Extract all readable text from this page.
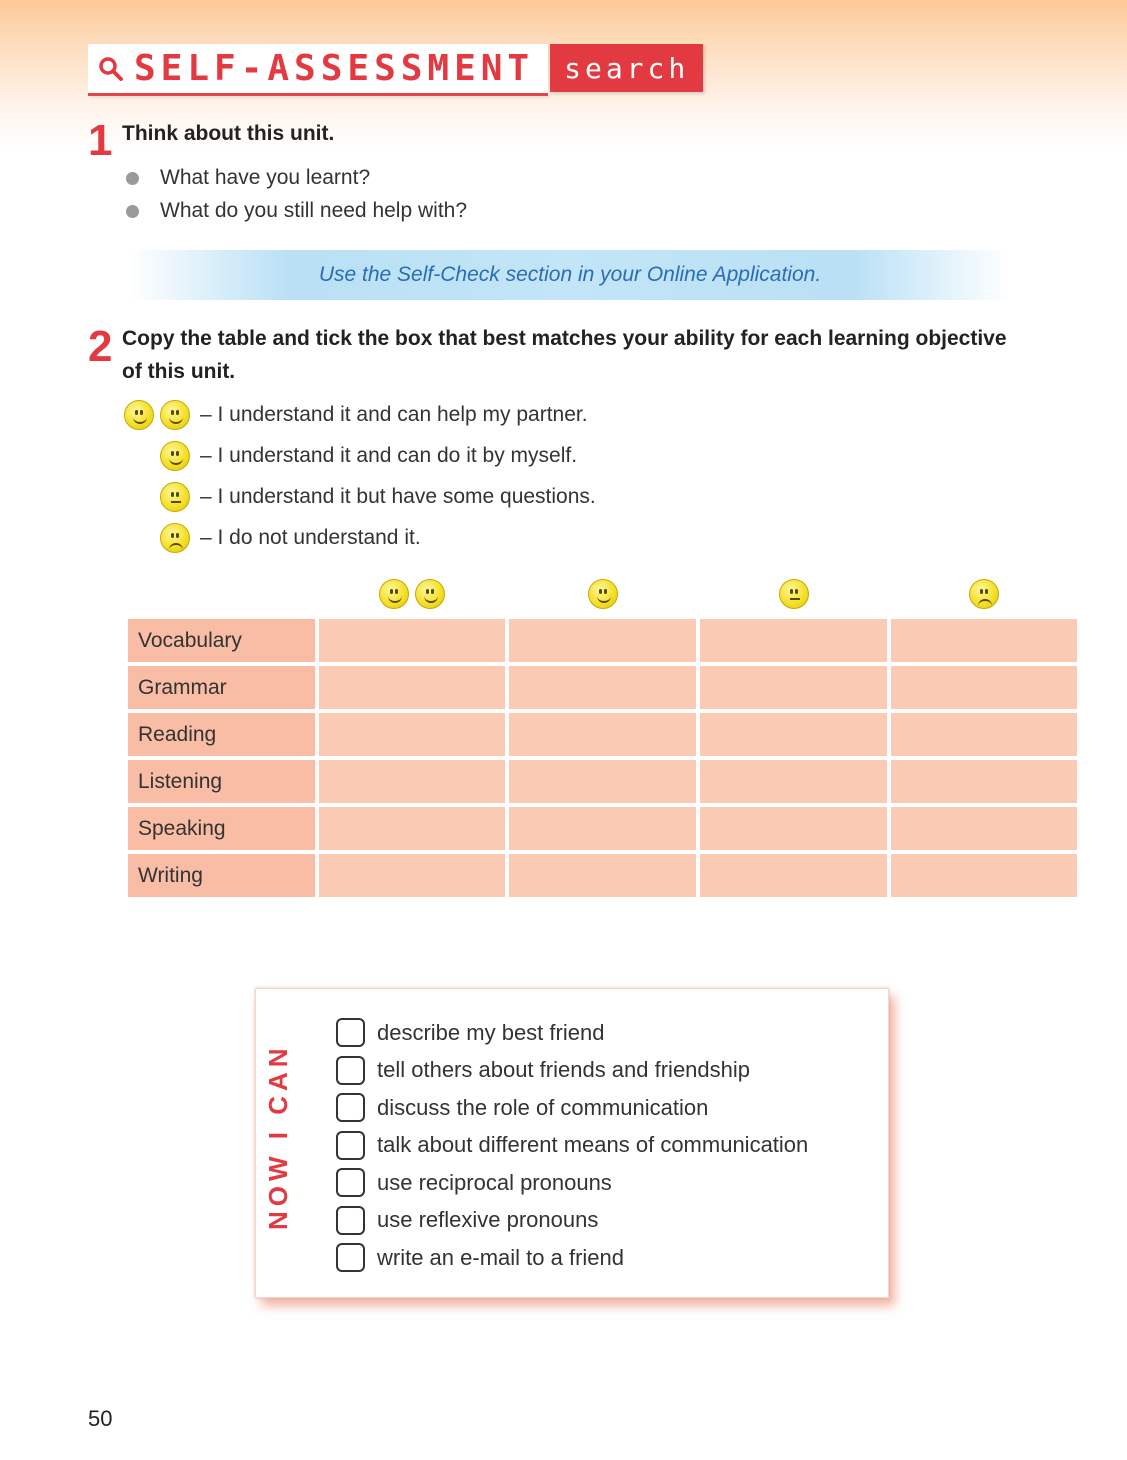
SELF-ASSESSMENT	search
1 Think about this unit.
What have you learnt?
What do you still need help with?
Use the Self-Check section in your Online Application.
2 Copy the table and tick the box that best matches your ability for each learning objective
of this unit.
– I understand it and can help my partner.
– I understand it and can do it by myself.
– I understand it but have some questions.
– I do not understand it.
Vocabulary
Grammar
Reading
Listening
Speaking
Writing
NOW I CAN
describe my best friend
tell others about friends and friendship
discuss the role of communication
talk about different means of communication
use reciprocal pronouns
use reflexive pronouns
write an e-mail to a friend
50
